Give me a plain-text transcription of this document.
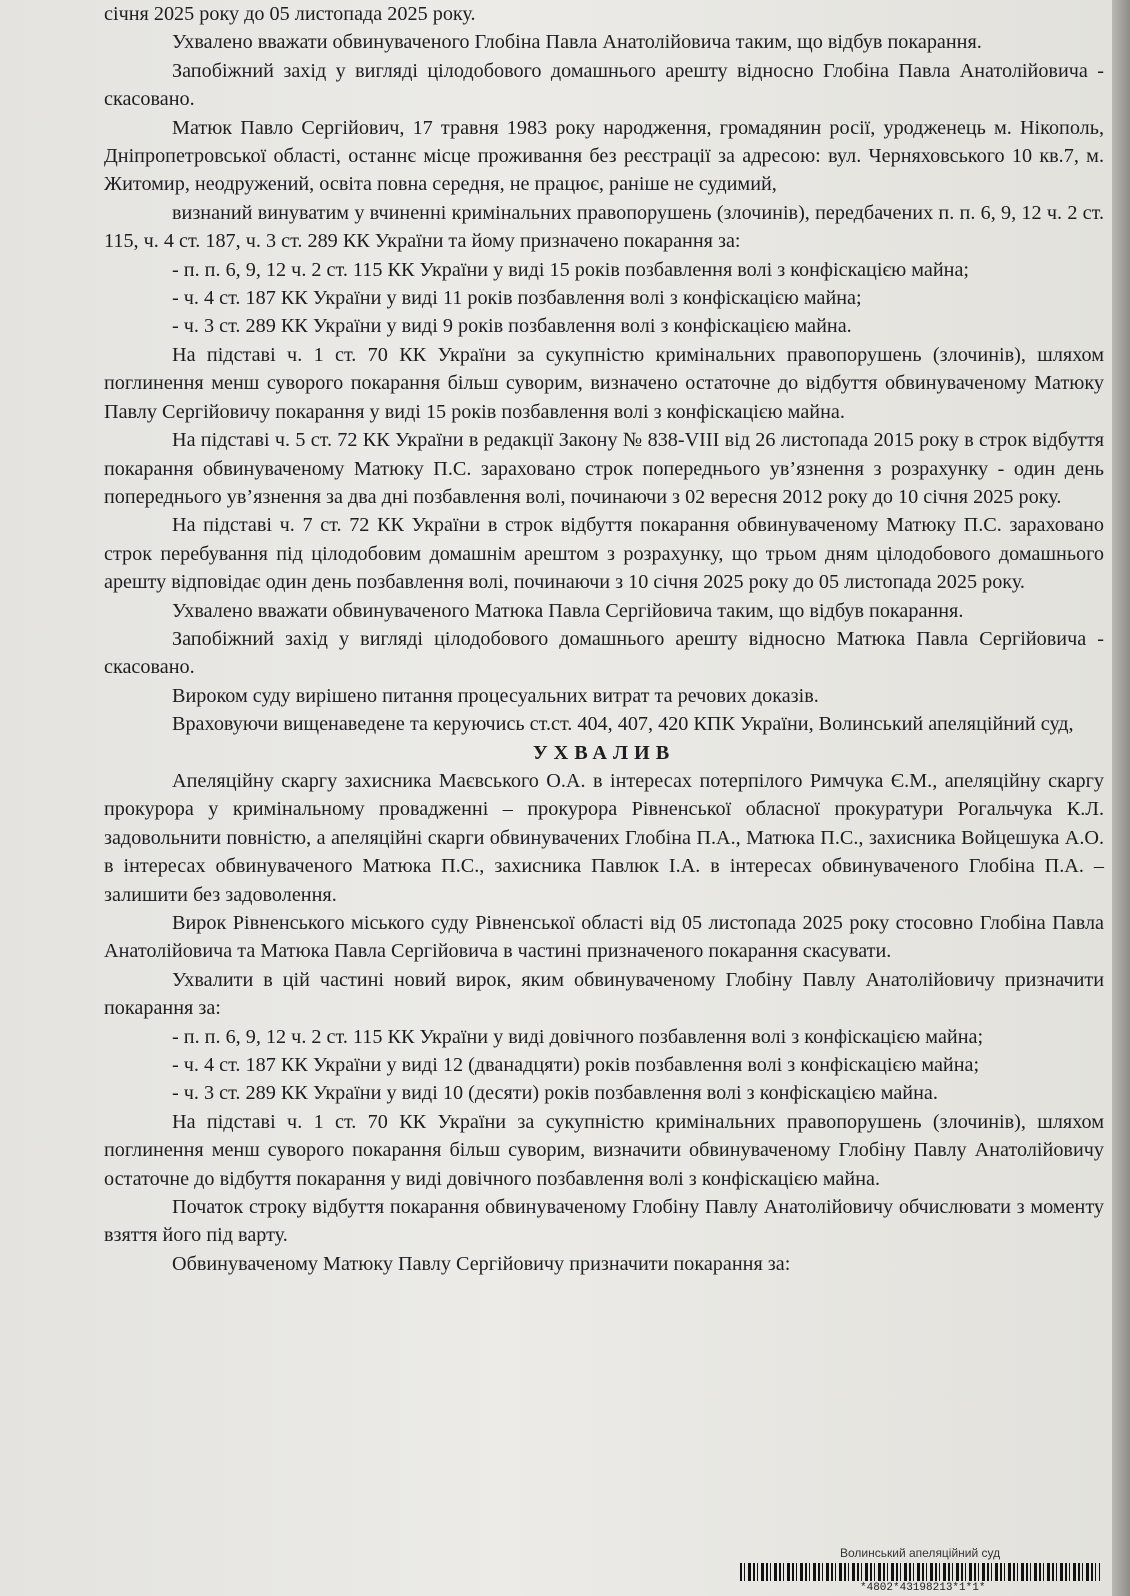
січня 2025 року до 05 листопада 2025 року.

Ухвалено вважати обвинуваченого Глобіна Павла Анатолійовича таким, що відбув покарання.

Запобіжний захід у вигляді цілодобового домашнього арешту відносно Глобіна Павла Анатолійовича - скасовано.

Матюк Павло Сергійович, 17 травня 1983 року народження, громадянин росії, уродженець м. Нікополь, Дніпропетровської області, останнє місце проживання без реєстрації за адресою: вул. Черняховського 10 кв.7, м. Житомир, неодружений, освіта повна середня, не працює, раніше не судимий,

визнаний винуватим у вчиненні кримінальних правопорушень (злочинів), передбачених п. п. 6, 9, 12 ч. 2 ст. 115, ч. 4 ст. 187, ч. 3 ст. 289 КК України та йому призначено покарання за:

- п. п. 6, 9, 12 ч. 2 ст. 115 КК України у виді 15 років позбавлення волі з конфіскацією майна;

- ч. 4 ст. 187 КК України у виді 11 років позбавлення волі з конфіскацією майна;

- ч. 3 ст. 289 КК України у виді 9 років позбавлення волі з конфіскацією майна.

На підставі ч. 1 ст. 70 КК України за сукупністю кримінальних правопорушень (злочинів), шляхом поглинення менш суворого покарання більш суворим, визначено остаточне до відбуття обвинуваченому Матюку Павлу Сергійовичу покарання у виді 15 років позбавлення волі з конфіскацією майна.

На підставі ч. 5 ст. 72 КК України в редакції Закону № 838-VIII від 26 листопада 2015 року в строк відбуття покарання обвинуваченому Матюку П.С. зараховано строк попереднього ув’язнення з розрахунку - один день попереднього ув’язнення за два дні позбавлення волі, починаючи з 02 вересня 2012 року до 10 січня 2025 року.

На підставі ч. 7 ст. 72 КК України в строк відбуття покарання обвинуваченому Матюку П.С. зараховано строк перебування під цілодобовим домашнім арештом з розрахунку, що трьом дням цілодобового домашнього арешту відповідає один день позбавлення волі, починаючи з 10 січня 2025 року до 05 листопада 2025 року.

Ухвалено вважати обвинуваченого Матюка Павла Сергійовича таким, що відбув покарання.

Запобіжний захід у вигляді цілодобового домашнього арешту відносно Матюка Павла Сергійовича - скасовано.

Вироком суду вирішено питання процесуальних витрат та речових доказів.

Враховуючи вищенаведене та керуючись ст.ст. 404, 407, 420 КПК України, Волинський апеляційний суд,

УХВАЛИВ

Апеляційну скаргу захисника Маєвського О.А. в інтересах потерпілого Римчука Є.М., апеляційну скаргу прокурора у кримінальному провадженні – прокурора Рівненської обласної прокуратури Рогальчука К.Л. задовольнити повністю, а апеляційні скарги обвинувачених Глобіна П.А., Матюка П.С., захисника Войцешука А.О. в інтересах обвинуваченого Матюка П.С., захисника Павлюк І.А. в інтересах обвинуваченого Глобіна П.А. – залишити без задоволення.

Вирок Рівненського міського суду Рівненської області від 05 листопада 2025 року стосовно Глобіна Павла Анатолійовича та Матюка Павла Сергійовича в частині призначеного покарання скасувати.

Ухвалити в цій частині новий вирок, яким обвинуваченому Глобіну Павлу Анатолійовичу призначити покарання за:

- п. п. 6, 9, 12 ч. 2 ст. 115 КК України у виді довічного позбавлення волі з конфіскацією майна;

- ч. 4 ст. 187 КК України у виді 12 (дванадцяти) років позбавлення волі з конфіскацією майна;

- ч. 3 ст. 289 КК України у виді 10 (десяти) років позбавлення волі з конфіскацією майна.

На підставі ч. 1 ст. 70 КК України за сукупністю кримінальних правопорушень (злочинів), шляхом поглинення менш суворого покарання більш суворим, визначити обвинуваченому Глобіну Павлу Анатолійовичу остаточне до відбуття покарання у виді довічного позбавлення волі з конфіскацією майна.

Початок строку відбуття покарання обвинуваченому Глобіну Павлу Анатолійовичу обчислювати з моменту взяття його під варту.

Обвинуваченому Матюку Павлу Сергійовичу призначити покарання за:

Волинський апеляційний суд
*4802*43198213*1*1*
